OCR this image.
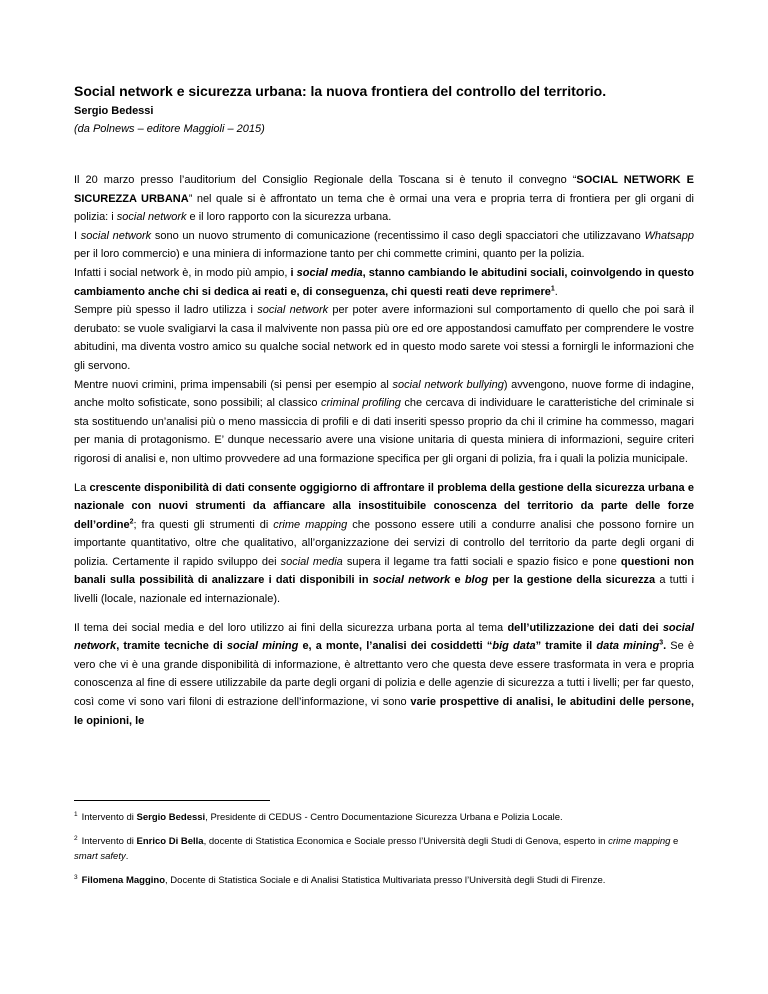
Social network e sicurezza urbana: la nuova frontiera del controllo del territorio.
Sergio Bedessi
(da Polnews – editore Maggioli – 2015)

Il 20 marzo presso l’auditorium del Consiglio Regionale della Toscana si è tenuto il convegno “SOCIAL NETWORK E SICUREZZA URBANA” nel quale si è affrontato un tema che è ormai una vera e propria terra di frontiera per gli organi di polizia: i social network e il loro rapporto con la sicurezza urbana.

I social network sono un nuovo strumento di comunicazione (recentissimo il caso degli spacciatori che utilizzavano Whatsapp per il loro commercio) e una miniera di informazione tanto per chi commette crimini, quanto per la polizia.

Infatti i social network è, in modo più ampio, i social media, stanno cambiando le abitudini sociali, coinvolgendo in questo cambiamento anche chi si dedica ai reati e, di conseguenza, chi questi reati deve reprimere$^1$.

Sempre più spesso il ladro utilizza i social network per poter avere informazioni sul comportamento di quello che poi sarà il derubato: se vuole svaligiarvi la casa il malvivente non passa più ore ed ore appostandosi camuffato per comprendere le vostre abitudini, ma diventa vostro amico su qualche social network ed in questo modo sarete voi stessi a fornirgli le informazioni che gli servono.

Mentre nuovi crimini, prima impensabili (si pensi per esempio al social network bullying) avvengono, nuove forme di indagine, anche molto sofisticate, sono possibili; al classico criminal profiling che cercava di individuare le caratteristiche del criminale si sta sostituendo un’analisi più o meno massiccia di profili e di dati inseriti spesso proprio da chi il crimine ha commesso, magari per mania di protagonismo. E’ dunque necessario avere una visione unitaria di questa miniera di informazioni, seguire criteri rigorosi di analisi e, non ultimo provvedere ad una formazione specifica per gli organi di polizia, fra i quali la polizia municipale.

La crescente disponibilità di dati consente oggigiorno di affrontare il problema della gestione della sicurezza urbana e nazionale con nuovi strumenti da affiancare alla insostituibile conoscenza del territorio da parte delle forze dell’ordine$^2$; fra questi gli strumenti di crime mapping che possono essere utili a condurre analisi che possono fornire un importante quantitativo, oltre che qualitativo, all’organizzazione dei servizi di controllo del territorio da parte degli organi di polizia. Certamente il rapido sviluppo dei social media supera il legame tra fatti sociali e spazio fisico e pone questioni non banali sulla possibilità di analizzare i dati disponibili in social network e blog per la gestione della sicurezza a tutti i livelli (locale, nazionale ed internazionale).

Il tema dei social media e del loro utilizzo ai fini della sicurezza urbana porta al tema dell’utilizzazione dei dati dei social network, tramite tecniche di social mining e, a monte, l’analisi dei cosiddetti “big data” tramite il data mining$^3$. Se è vero che vi è una grande disponibilità di informazione, è altrettanto vero che questa deve essere trasformata in vera e propria conoscenza al fine di essere utilizzabile da parte degli organi di polizia e delle agenzie di sicurezza a tutti i livelli; per far questo, così come vi sono vari filoni di estrazione dell’informazione, vi sono varie prospettive di analisi, le abitudini delle persone, le opinioni, le

$^1$ Intervento di Sergio Bedessi, Presidente di CEDUS - Centro Documentazione Sicurezza Urbana e Polizia Locale.

$^2$ Intervento di Enrico Di Bella, docente di Statistica Economica e Sociale presso l’Università degli Studi di Genova, esperto in crime mapping e smart safety.

$^3$ Filomena Maggino, Docente di Statistica Sociale e di Analisi Statistica Multivariata presso l’Università degli Studi di Firenze.
